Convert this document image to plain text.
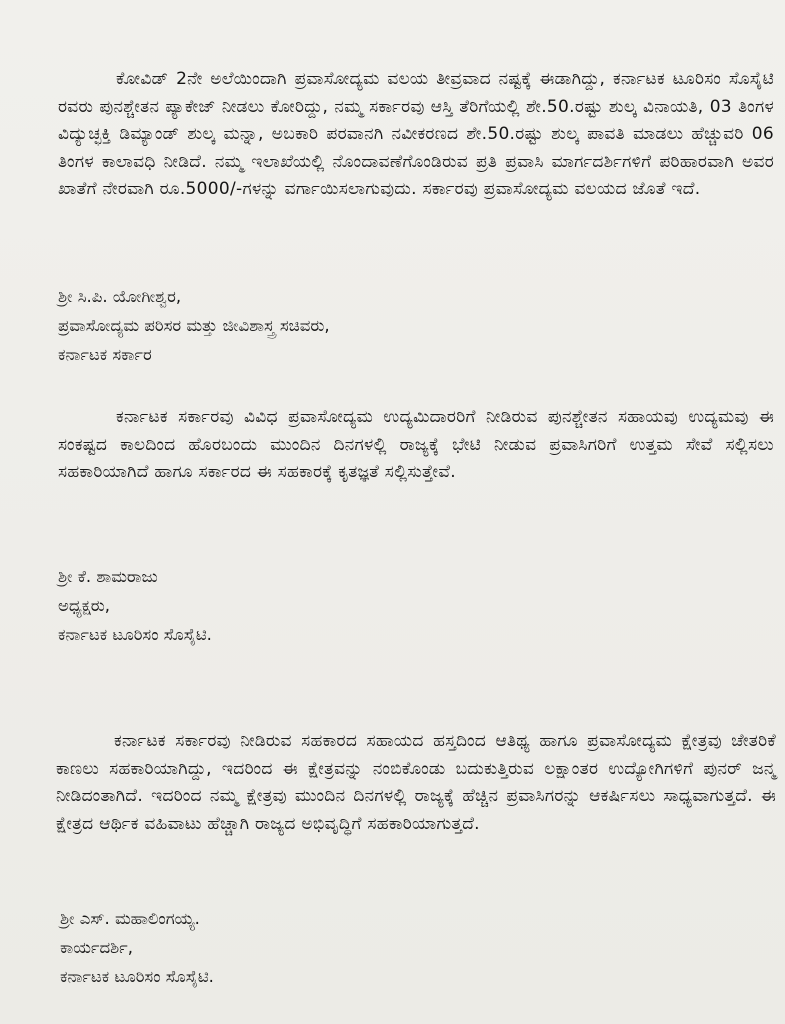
ಕೋವಿಡ್ 2ನೇ ಅಲೆಯಿಂದಾಗಿ ಪ್ರವಾಸೋದ್ಯಮ ವಲಯ ತೀವ್ರವಾದ ನಷ್ಟಕ್ಕೆ ಈಡಾಗಿದ್ದು, ಕರ್ನಾಟಕ ಟೂರಿಸಂ ಸೊಸೈಟಿ ರವರು ಪುನಶ್ಚೇತನ ಪ್ಯಾಕೇಜ್ ನೀಡಲು ಕೋರಿದ್ದು, ನಮ್ಮ ಸರ್ಕಾರವು ಆಸ್ತಿ ತೆರಿಗೆಯಲ್ಲಿ ಶೇ.50.ರಷ್ಟು ಶುಲ್ಕ ವಿನಾಯತಿ, 03 ತಿಂಗಳ ವಿದ್ಯುಚ್ಛಕ್ತಿ ಡಿಮ್ಯಾಂಡ್ ಶುಲ್ಕ ಮನ್ನಾ, ಅಬಕಾರಿ ಪರವಾನಗಿ ನವೀಕರಣದ ಶೇ.50.ರಷ್ಟು ಶುಲ್ಕ ಪಾವತಿ ಮಾಡಲು ಹೆಚ್ಚುವರಿ 06 ತಿಂಗಳ ಕಾಲಾವಧಿ ನೀಡಿದೆ. ನಮ್ಮ ಇಲಾಖೆಯಲ್ಲಿ ನೊಂದಾವಣೆಗೊಂಡಿರುವ ಪ್ರತಿ ಪ್ರವಾಸಿ ಮಾರ್ಗದರ್ಶಿಗಳಿಗೆ ಪರಿಹಾರವಾಗಿ ಅವರ ಖಾತೆಗೆ ನೇರವಾಗಿ ರೂ.5000/-ಗಳನ್ನು ವರ್ಗಾಯಿಸಲಾಗುವುದು. ಸರ್ಕಾರವು ಪ್ರವಾಸೋದ್ಯಮ ವಲಯದ ಜೊತೆ ಇದೆ.

ಶ್ರೀ ಸಿ.ಪಿ. ಯೋಗೀಶ್ವರ,
ಪ್ರವಾಸೋದ್ಯಮ ಪರಿಸರ ಮತ್ತು ಜೀವಿಶಾಸ್ತ್ರ ಸಚಿವರು,
ಕರ್ನಾಟಕ ಸರ್ಕಾರ

ಕರ್ನಾಟಕ ಸರ್ಕಾರವು ವಿವಿಧ ಪ್ರವಾಸೋದ್ಯಮ ಉದ್ಯಮಿದಾರರಿಗೆ ನೀಡಿರುವ ಪುನಶ್ಚೇತನ ಸಹಾಯವು ಉದ್ಯಮವು ಈ ಸಂಕಷ್ಟದ ಕಾಲದಿಂದ ಹೊರಬಂದು ಮುಂದಿನ ದಿನಗಳಲ್ಲಿ ರಾಜ್ಯಕ್ಕೆ ಭೇಟಿ ನೀಡುವ ಪ್ರವಾಸಿಗರಿಗೆ ಉತ್ತಮ ಸೇವೆ ಸಲ್ಲಿಸಲು ಸಹಕಾರಿಯಾಗಿದೆ ಹಾಗೂ ಸರ್ಕಾರದ ಈ ಸಹಕಾರಕ್ಕೆ ಕೃತಜ್ಞತೆ ಸಲ್ಲಿಸುತ್ತೇವೆ.

ಶ್ರೀ ಕೆ. ಶಾಮರಾಜು
ಅಧ್ಯಕ್ಷರು,
ಕರ್ನಾಟಕ ಟೂರಿಸಂ ಸೊಸೈಟಿ.

ಕರ್ನಾಟಕ ಸರ್ಕಾರವು ನೀಡಿರುವ ಸಹಕಾರದ ಸಹಾಯದ ಹಸ್ತದಿಂದ ಆತಿಥ್ಯ ಹಾಗೂ ಪ್ರವಾಸೋದ್ಯಮ ಕ್ಷೇತ್ರವು ಚೇತರಿಕೆ ಕಾಣಲು ಸಹಕಾರಿಯಾಗಿದ್ದು, ಇದರಿಂದ ಈ ಕ್ಷೇತ್ರವನ್ನು ನಂಬಿಕೊಂಡು ಬದುಕುತ್ತಿರುವ ಲಕ್ಷಾಂತರ ಉದ್ಯೋಗಿಗಳಿಗೆ ಪುನರ್ ಜನ್ಮ ನೀಡಿದಂತಾಗಿದೆ. ಇದರಿಂದ ನಮ್ಮ ಕ್ಷೇತ್ರವು ಮುಂದಿನ ದಿನಗಳಲ್ಲಿ ರಾಜ್ಯಕ್ಕೆ ಹೆಚ್ಚಿನ ಪ್ರವಾಸಿಗರನ್ನು ಆಕರ್ಷಿಸಲು ಸಾಧ್ಯವಾಗುತ್ತದೆ. ಈ ಕ್ಷೇತ್ರದ ಆರ್ಥಿಕ ವಹಿವಾಟು ಹೆಚ್ಚಾಗಿ ರಾಜ್ಯದ ಅಭಿವೃದ್ಧಿಗೆ ಸಹಕಾರಿಯಾಗುತ್ತದೆ.

ಶ್ರೀ ಎಸ್. ಮಹಾಲಿಂಗಯ್ಯ.
ಕಾರ್ಯದರ್ಶಿ,
ಕರ್ನಾಟಕ ಟೂರಿಸಂ ಸೊಸೈಟಿ.
